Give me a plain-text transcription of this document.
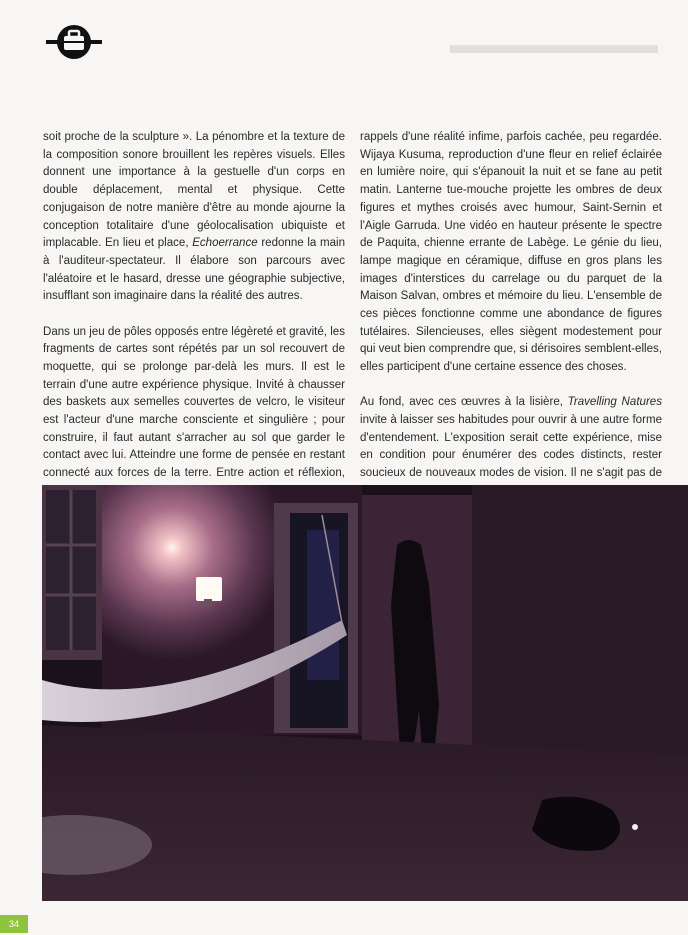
▬▬▬▬▬▬▬▬

soit proche de la sculpture ». La pénombre et la texture de la composition sonore brouillent les repères visuels. Elles donnent une importance à la gestuelle d'un corps en double déplacement, mental et physique. Cette conjugaison de notre manière d'être au monde ajourne la conception totalitaire d'une géolocalisation ubiquiste et implacable. En lieu et place, Echoerrance redonne la main à l'auditeur-spectateur. Il élabore son parcours avec l'aléatoire et le hasard, dresse une géographie subjective, insufflant son imaginaire dans la réalité des autres.

Dans un jeu de pôles opposés entre légèreté et gravité, les fragments de cartes sont répétés par un sol recouvert de moquette, qui se prolonge par-delà les murs. Il est le terrain d'une autre expérience physique. Invité à chausser des baskets aux semelles couvertes de velcro, le visiteur est l'acteur d'une marche consciente et singulière ; pour construire, il faut autant s'arracher au sol que garder le contact avec lui. Atteindre une forme de pensée en restant connecté aux forces de la terre. Entre action et réflexion,

rappels d'une réalité infime, parfois cachée, peu regardée. Wijaya Kusuma, reproduction d'une fleur en relief éclairée en lumière noire, qui s'épanouit la nuit et se fane au petit matin. Lanterne tue-mouche projette les ombres de deux figures et mythes croisés avec humour, Saint-Sernin et l'Aigle Garruda. Une vidéo en hauteur présente le spectre de Paquita, chienne errante de Labège. Le génie du lieu, lampe magique en céramique, diffuse en gros plans les images d'interstices du carrelage ou du parquet de la Maison Salvan, ombres et mémoire du lieu. L'ensemble de ces pièces fonctionne comme une abondance de figures tutélaires. Silencieuses, elles siègent modestement pour qui veut bien comprendre que, si dérisoires semblent-elles, elles participent d'une certaine essence des choses.

Au fond, avec ces œuvres à la lisière, Travelling Natures invite à laisser ses habitudes pour ouvrir à une autre forme d'entendement. L'exposition serait cette expérience, mise en condition pour énumérer des codes distincts, rester soucieux de nouveaux modes de vision. Il ne s'agit pas de

34
